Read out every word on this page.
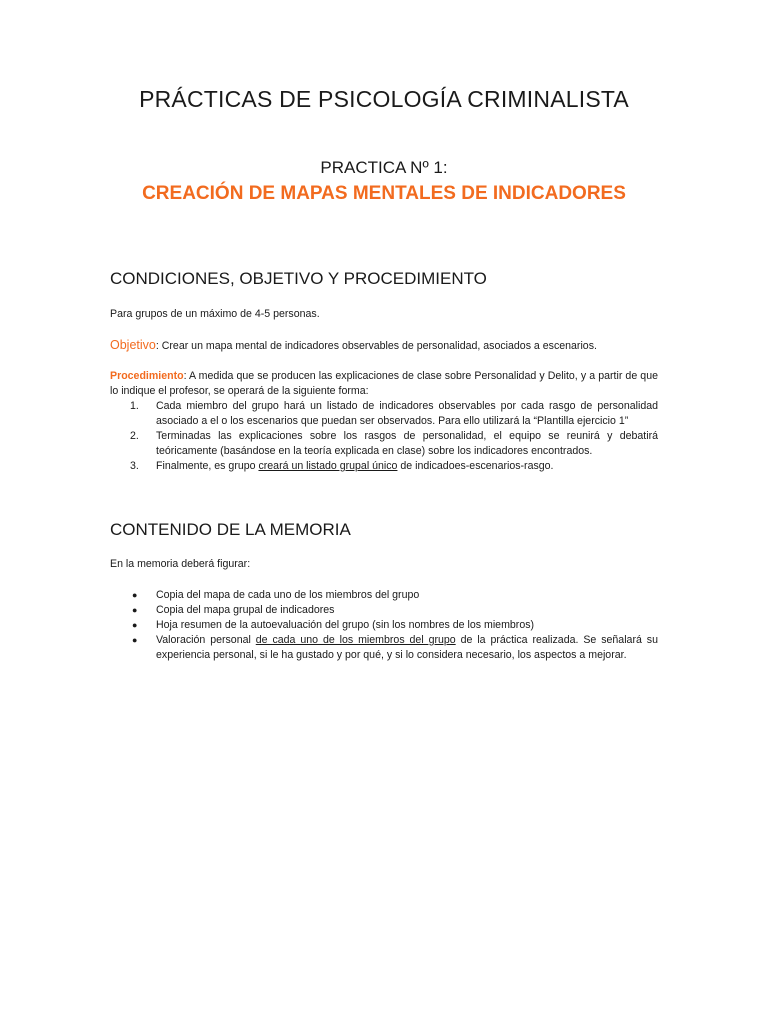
PRÁCTICAS DE PSICOLOGÍA CRIMINALISTA
PRACTICA Nº 1:
CREACIÓN DE MAPAS MENTALES DE INDICADORES
CONDICIONES, OBJETIVO Y PROCEDIMIENTO
Para grupos de un máximo de 4-5 personas.
Objetivo: Crear un mapa mental de indicadores observables de personalidad, asociados a escenarios.
Procedimiento: A medida que se producen las explicaciones de clase sobre Personalidad y Delito, y a partir de que lo indique el profesor, se operará de la siguiente forma:
1.	Cada miembro del grupo hará un listado de indicadores observables por cada rasgo de personalidad asociado a el o los escenarios que puedan ser observados. Para ello utilizará la “Plantilla ejercicio 1”
2.	Terminadas las explicaciones sobre los rasgos de personalidad, el equipo se reunirá y debatirá teóricamente (basándose en la teoría explicada en clase) sobre los indicadores encontrados.
3.	Finalmente, es grupo creará un listado grupal único de indicadoes-escenarios-rasgo.
CONTENIDO DE LA MEMORIA
En la memoria deberá figurar:
●	Copia del mapa de cada uno de los miembros del grupo
●	Copia del mapa grupal de indicadores
●	Hoja resumen de la autoevaluación del grupo (sin los nombres de los miembros)
●	Valoración personal de cada uno de los miembros del grupo de la práctica realizada. Se señalará su experiencia personal, si le ha gustado y por qué, y si lo considera necesario, los aspectos a mejorar.
